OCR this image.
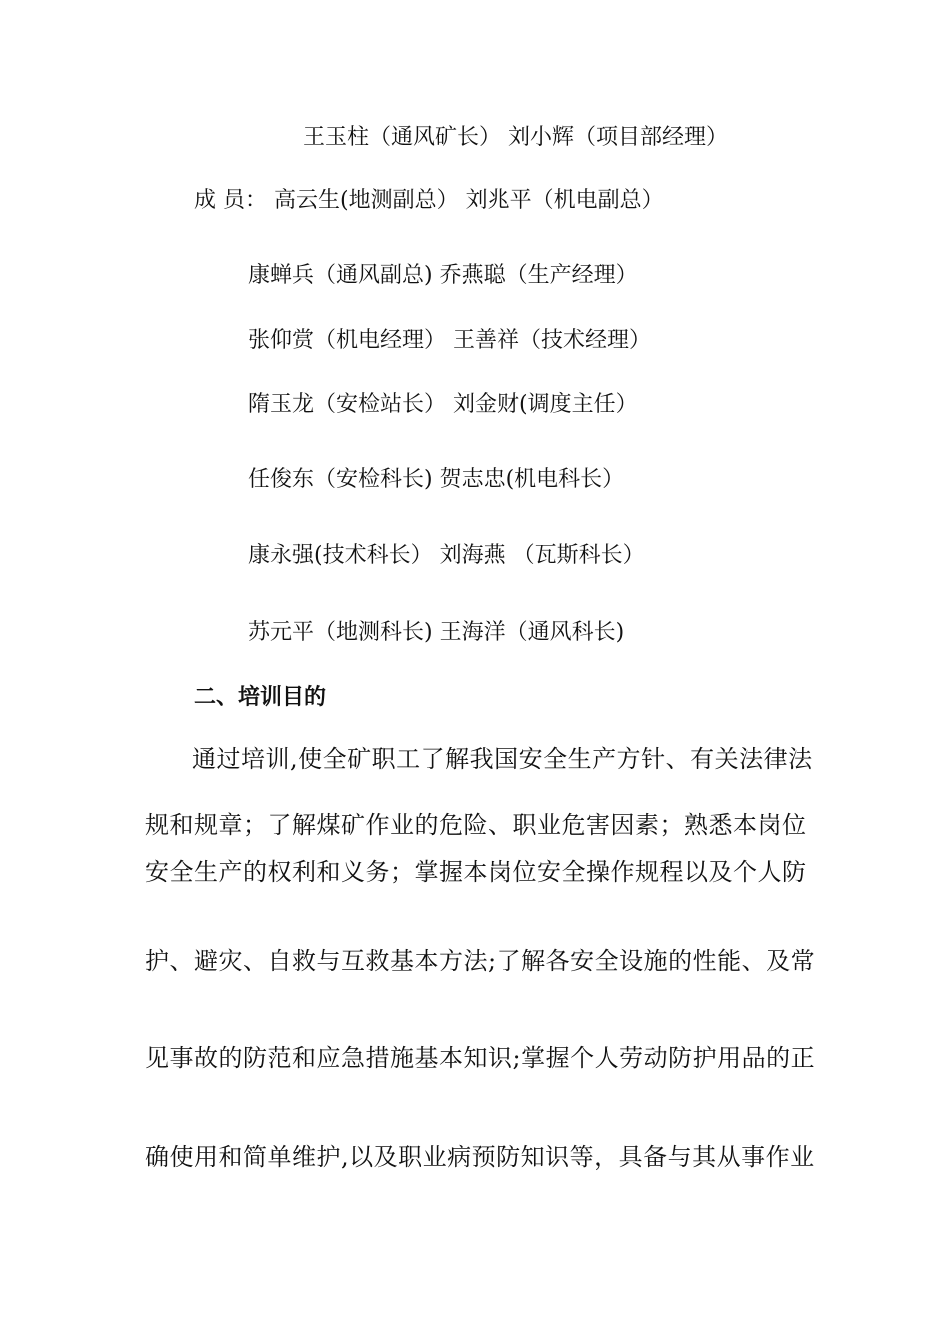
王玉柱（通风矿长） 刘小辉（项目部经理）
成 员： 高云生(地测副总） 刘兆平（机电副总）
康蝉兵（通风副总) 乔燕聪（生产经理）
张仰赏（机电经理） 王善祥（技术经理）
隋玉龙（安检站长） 刘金财(调度主任）
任俊东（安检科长) 贺志忠(机电科长）
康永强(技术科长） 刘海燕 （瓦斯科长）
苏元平（地测科长) 王海洋（通风科长)
二、培训目的
通过培训,使全矿职工了解我国安全生产方针、有关法律法
规和规章；了解煤矿作业的危险、职业危害因素；熟悉本岗位
安全生产的权利和义务；掌握本岗位安全操作规程以及个人防
护、避灾、自救与互救基本方法;了解各安全设施的性能、及常
见事故的防范和应急措施基本知识;掌握个人劳动防护用品的正
确使用和简单维护,以及职业病预防知识等，具备与其从事作业
